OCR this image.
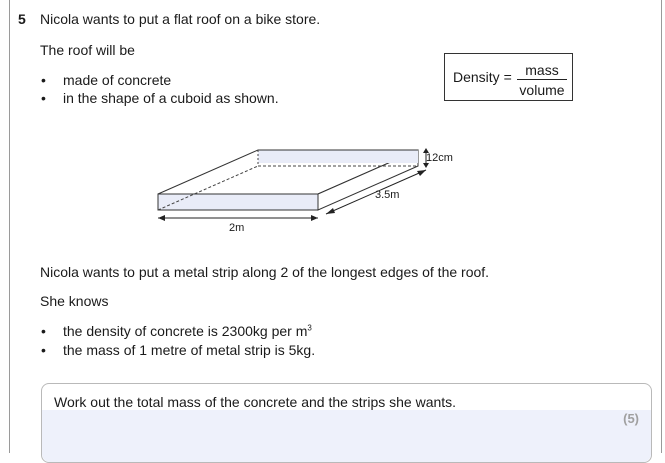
5 Nicola wants to put a flat roof on a bike store.
The roof will be
• made of concrete
• in the shape of a cuboid as shown.
Density = mass
volume
12cm
3.5m
2m
Nicola wants to put a metal strip along 2 of the longest edges of the roof.
She knows
• the density of concrete is 2300kg per $m^3$
• the mass of 1 metre of metal strip is 5kg.
Work out the total mass of the concrete and the strips she wants.
(5)
